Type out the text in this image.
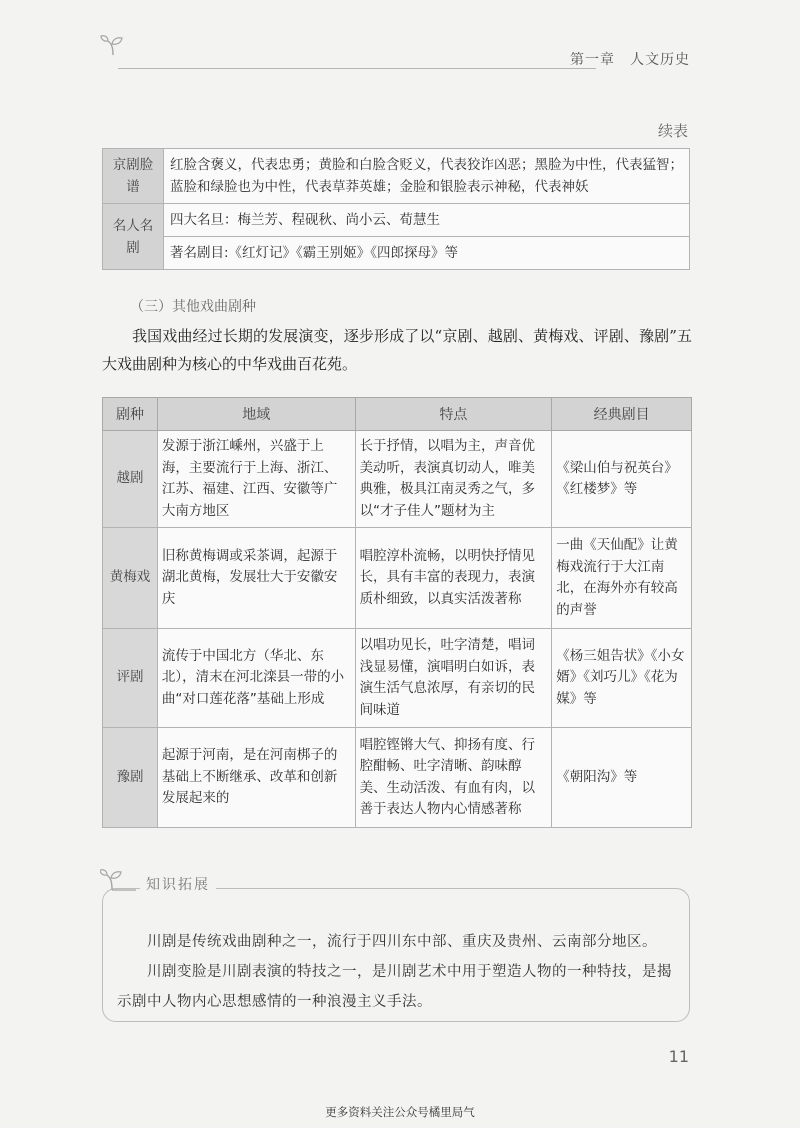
第一章　人文历史
续表
京剧脸谱	红脸含褒义，代表忠勇；黄脸和白脸含贬义，代表狡诈凶恶；黑脸为中性，代表猛智；蓝脸和绿脸也为中性，代表草莽英雄；金脸和银脸表示神秘，代表神妖
名人名剧	四大名旦：梅兰芳、程砚秋、尚小云、荀慧生
	著名剧目:《红灯记》《霸王别姬》《四郎探母》等
（三）其他戏曲剧种
我国戏曲经过长期的发展演变，逐步形成了以“京剧、越剧、黄梅戏、评剧、豫剧”五大戏曲剧种为核心的中华戏曲百花苑。
剧种	地域	特点	经典剧目
越剧	发源于浙江嵊州，兴盛于上海，主要流行于上海、浙江、江苏、福建、江西、安徽等广大南方地区	长于抒情，以唱为主，声音优美动听，表演真切动人，唯美典雅，极具江南灵秀之气，多以“才子佳人”题材为主	《梁山伯与祝英台》《红楼梦》等
黄梅戏	旧称黄梅调或采茶调，起源于湖北黄梅，发展壮大于安徽安庆	唱腔淳朴流畅，以明快抒情见长，具有丰富的表现力，表演质朴细致，以真实活泼著称	一曲《天仙配》让黄梅戏流行于大江南北，在海外亦有较高的声誉
评剧	流传于中国北方（华北、东北），清末在河北滦县一带的小曲“对口莲花落”基础上形成	以唱功见长，吐字清楚，唱词浅显易懂，演唱明白如诉，表演生活气息浓厚，有亲切的民间味道	《杨三姐告状》《小女婿》《刘巧儿》《花为媒》等
豫剧	起源于河南，是在河南梆子的基础上不断继承、改革和创新发展起来的	唱腔铿锵大气、抑扬有度、行腔酣畅、吐字清晰、韵味醇美、生动活泼、有血有肉，以善于表达人物内心情感著称	《朝阳沟》等

川剧是传统戏曲剧种之一，流行于四川东中部、重庆及贵州、云南部分地区。

川剧变脸是川剧表演的特技之一，是川剧艺术中用于塑造人物的一种特技，是揭示剧中人物内心思想感情的一种浪漫主义手法。

知识拓展
11
更多资料关注公众号橘里局气
